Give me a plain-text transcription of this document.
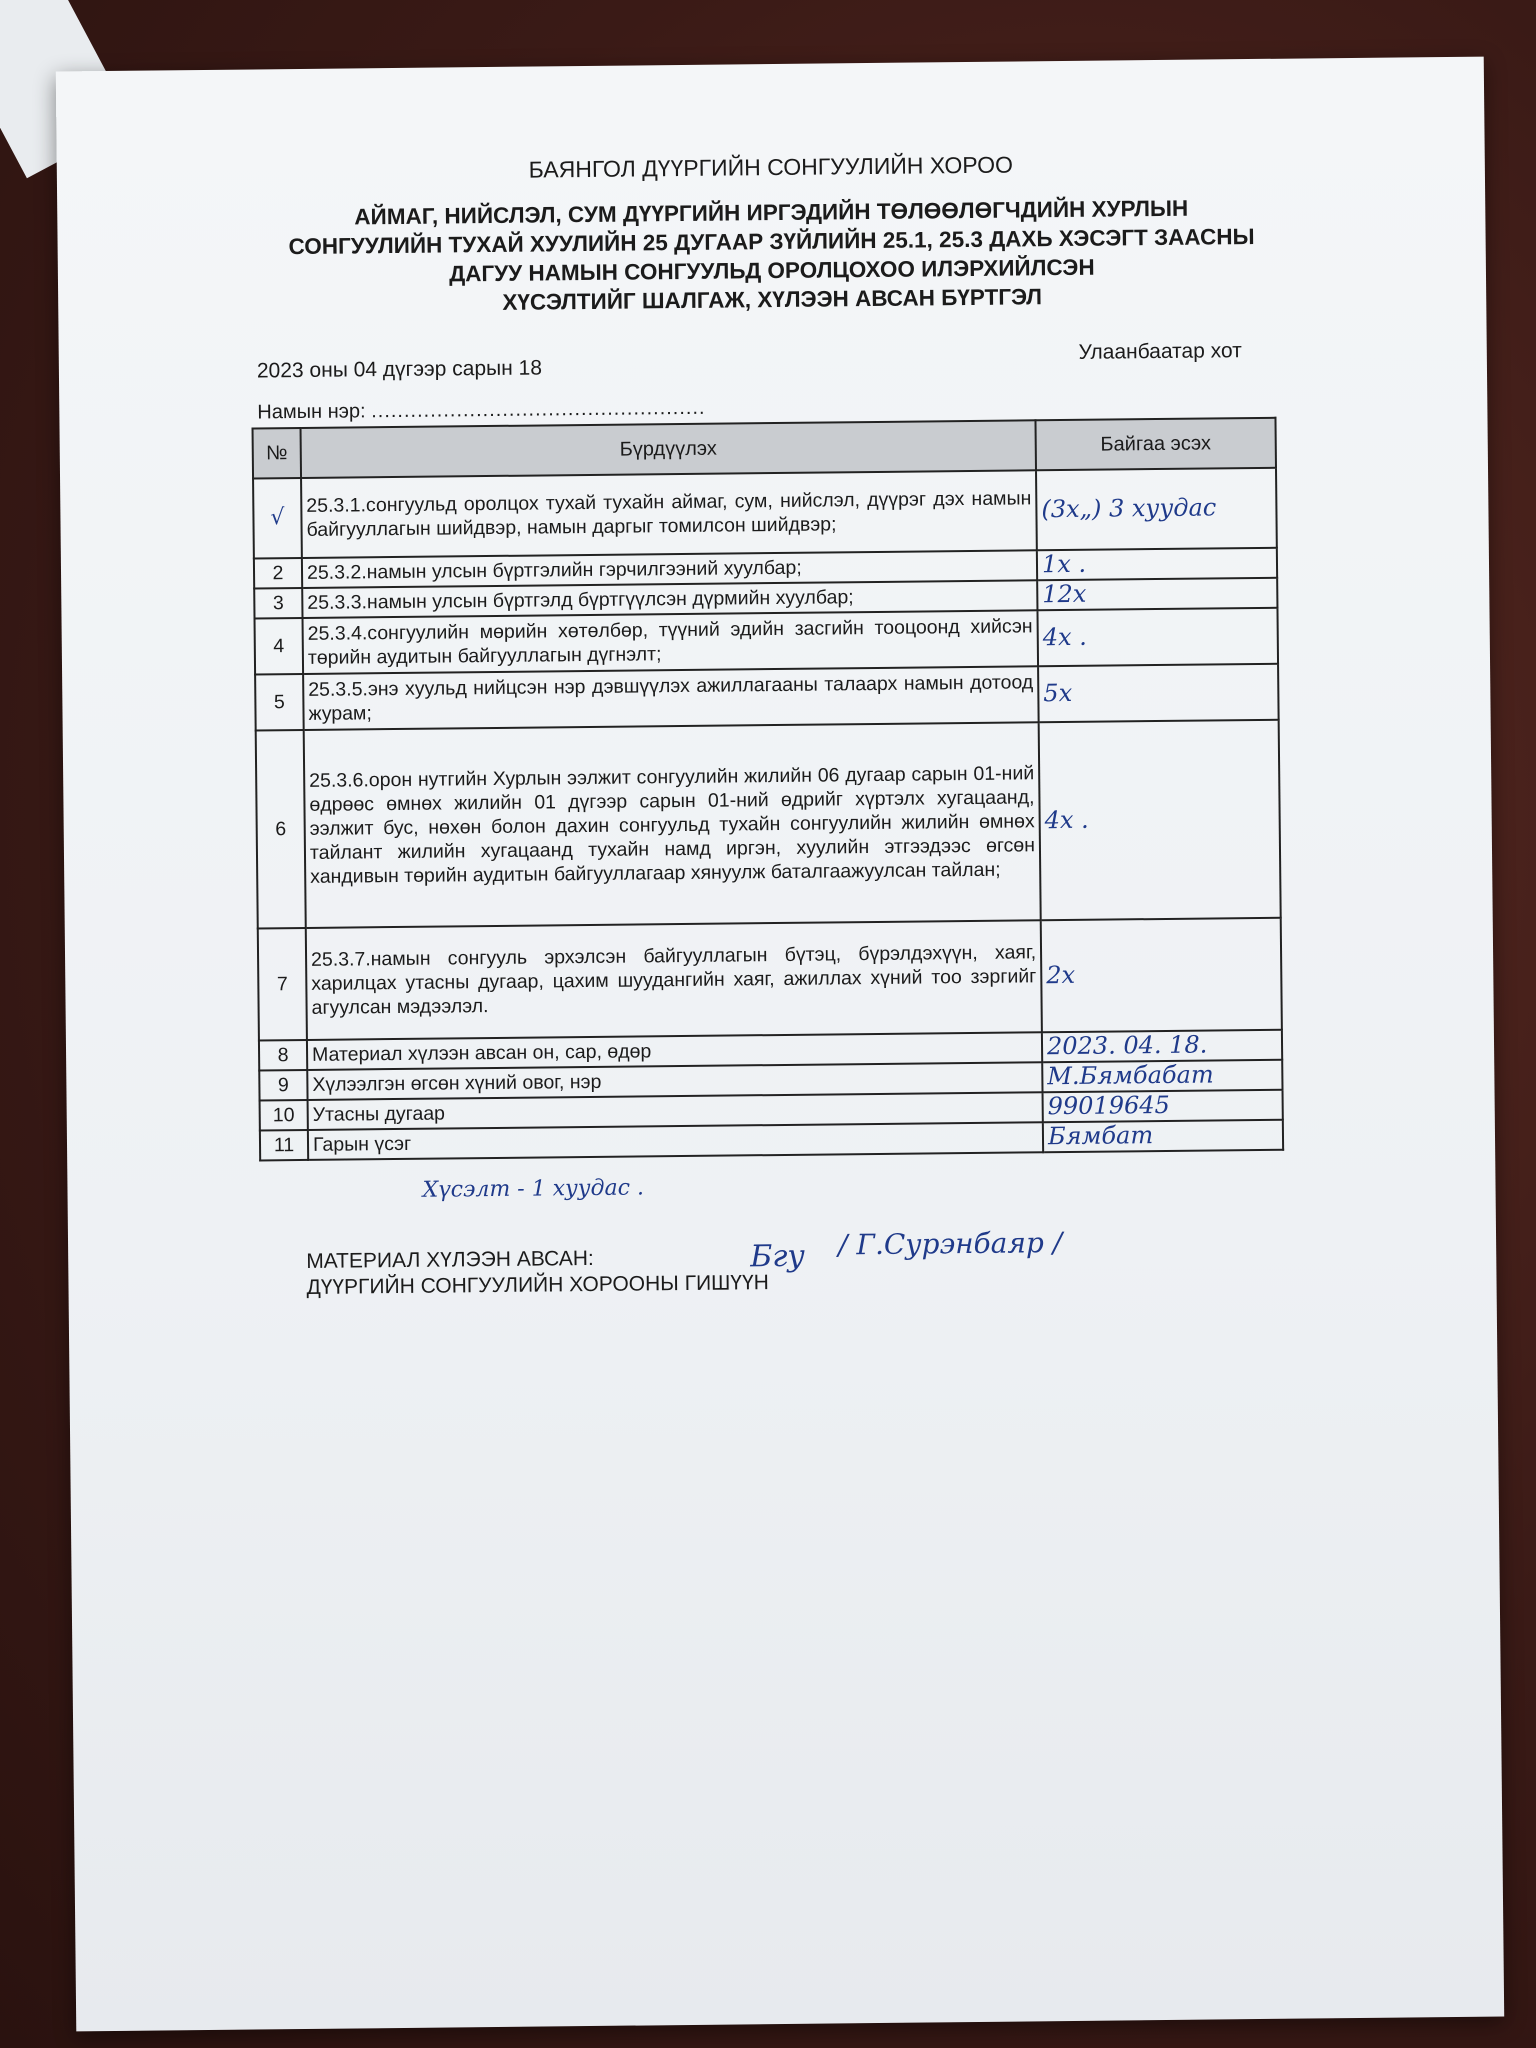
БАЯНГОЛ ДҮҮРГИЙН СОНГУУЛИЙН ХОРОО
АЙМАГ, НИЙСЛЭЛ, СУМ ДҮҮРГИЙН ИРГЭДИЙН ТӨЛӨӨЛӨГЧДИЙН ХУРЛЫН
СОНГУУЛИЙН ТУХАЙ ХУУЛИЙН 25 ДУГААР ЗҮЙЛИЙН 25.1, 25.3 ДАХЬ ХЭСЭГТ ЗААСНЫ
ДАГУУ НАМЫН СОНГУУЛЬД ОРОЛЦОХОО ИЛЭРХИЙЛСЭН
ХҮСЭЛТИЙГ ШАЛГАЖ, ХҮЛЭЭН АВСАН БҮРТГЭЛ
2023 оны 04 дүгээр сарын 18
Улаанбаатар хот
Намын нэр: ...................................................
№	Бүрдүүлэх	Байгаа эсэх
√	25.3.1.сонгуульд оролцох тухай тухайн аймаг, сум, нийслэл, дүүрэг дэх намын байгууллагын шийдвэр, намын даргыг томилсон шийдвэр;	(3х„) 3 хуудас
2	25.3.2.намын улсын бүртгэлийн гэрчилгээний хуулбар;	1х .
3	25.3.3.намын улсын бүртгэлд бүртгүүлсэн дүрмийн хуулбар;	12х
4	25.3.4.сонгуулийн мөрийн хөтөлбөр, түүний эдийн засгийн тооцоонд хийсэн төрийн аудитын байгууллагын дүгнэлт;	4х .
5	25.3.5.энэ хуульд нийцсэн нэр дэвшүүлэх ажиллагааны талаарх намын дотоод журам;	5х
6	25.3.6.орон нутгийн Хурлын ээлжит сонгуулийн жилийн 06 дугаар сарын 01-ний өдрөөс өмнөх жилийн 01 дүгээр сарын 01-ний өдрийг хүртэлх хугацаанд, ээлжит бус, нөхөн болон дахин сонгуульд тухайн сонгуулийн жилийн өмнөх тайлант жилийн хугацаанд тухайн намд иргэн, хуулийн этгээдээс өгсөн хандивын төрийн аудитын байгууллагаар хянуулж баталгаажуулсан тайлан;	4х .
7	25.3.7.намын сонгууль эрхэлсэн байгууллагын бүтэц, бүрэлдэхүүн, хаяг, харилцах утасны дугаар, цахим шуудангийн хаяг, ажиллах хүний тоо зэргийг агуулсан мэдээлэл.	2х
8	Материал хүлээн авсан он, сар, өдөр	2023. 04. 18.
9	Хүлээлгэн өгсөн хүний овог, нэр	М.Бямбабат
10	Утасны дугаар	99019645
11	Гарын үсэг	Бямбат
Хүсэлт - 1 хуудас .
МАТЕРИАЛ ХҮЛЭЭН АВСАН:
ДҮҮРГИЙН СОНГУУЛИЙН ХОРООНЫ ГИШҮҮН
Бгу / Г.Сурэнбаяр /
